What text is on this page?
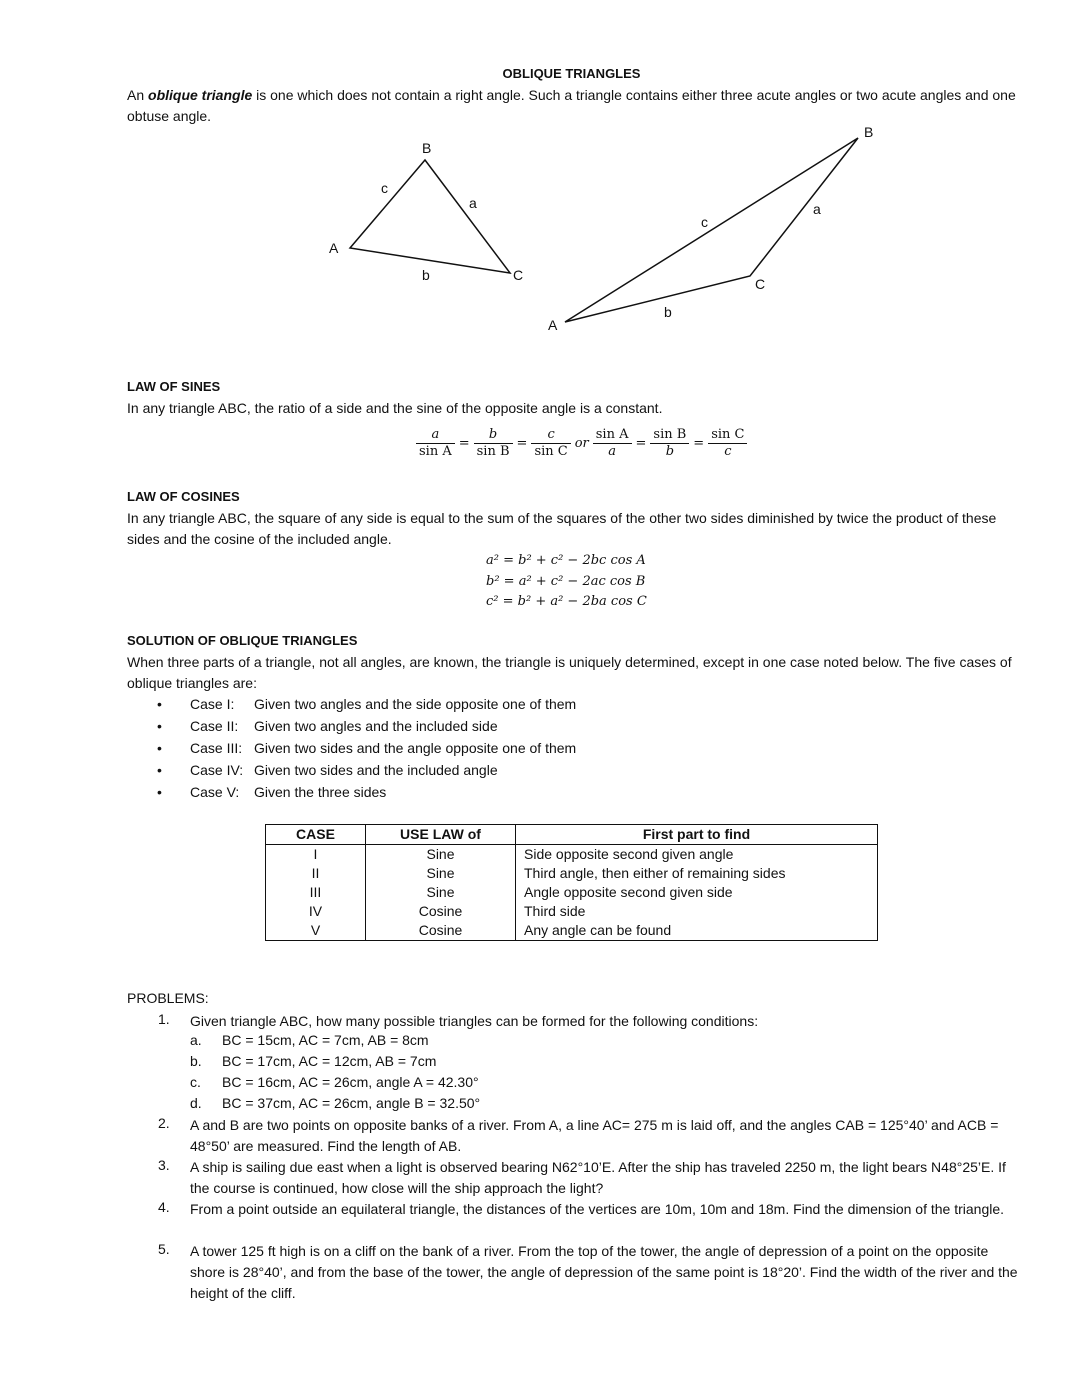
OBLIQUE TRIANGLES
An oblique triangle is one which does not contain a right angle. Such a triangle contains either three acute angles or two acute angles and one obtuse angle.
B
A
C
c
a
b
B
A
C
c
a
b
LAW OF SINES
In any triangle ABC, the ratio of a side and the sine of the opposite angle is a constant.
$\frac{a}{\text{sin A}} = \frac{b}{\text{sin B}} = \frac{c}{\text{sin C}}$ or $\frac{\text{sin A}}{a} = \frac{\text{sin B}}{b} = \frac{\text{sin C}}{c}$
LAW OF COSINES
In any triangle ABC, the square of any side is equal to the sum of the squares of the other two sides diminished by twice the product of these sides and the cosine of the included angle.
a² = b² + c² − 2bc cos A
b² = a² + c² − 2ac cos B
c² = b² + a² − 2ba cos C
SOLUTION OF OBLIQUE TRIANGLES
When three parts of a triangle, not all angles, are known, the triangle is uniquely determined, except in one case noted below. The five cases of oblique triangles are:
• Case I: Given two angles and the side opposite one of them
• Case II: Given two angles and the included side
• Case III: Given two sides and the angle opposite one of them
• Case IV: Given two sides and the included angle
• Case V: Given the three sides
CASE	USE LAW of	First part to find
I	Sine	Side opposite second given angle
II	Sine	Third angle, then either of remaining sides
III	Sine	Angle opposite second given side
IV	Cosine	Third side
V	Cosine	Any angle can be found
PROBLEMS:
1. Given triangle ABC, how many possible triangles can be formed for the following conditions:
a. BC = 15cm, AC = 7cm, AB = 8cm
b. BC = 17cm, AC = 12cm, AB = 7cm
c. BC = 16cm, AC = 26cm, angle A = 42.30°
d. BC = 37cm, AC = 26cm, angle B = 32.50°
2. A and B are two points on opposite banks of a river. From A, a line AC= 275 m is laid off, and the angles CAB = 125°40’ and ACB = 48°50’ are measured. Find the length of AB.
3. A ship is sailing due east when a light is observed bearing N62°10’E. After the ship has traveled 2250 m, the light bears N48°25’E. If the course is continued, how close will the ship approach the light?
4. From a point outside an equilateral triangle, the distances of the vertices are 10m, 10m and 18m. Find the dimension of the triangle.
5. A tower 125 ft high is on a cliff on the bank of a river. From the top of the tower, the angle of depression of a point on the opposite shore is 28°40’, and from the base of the tower, the angle of depression of the same point is 18°20’. Find the width of the river and the height of the cliff.
